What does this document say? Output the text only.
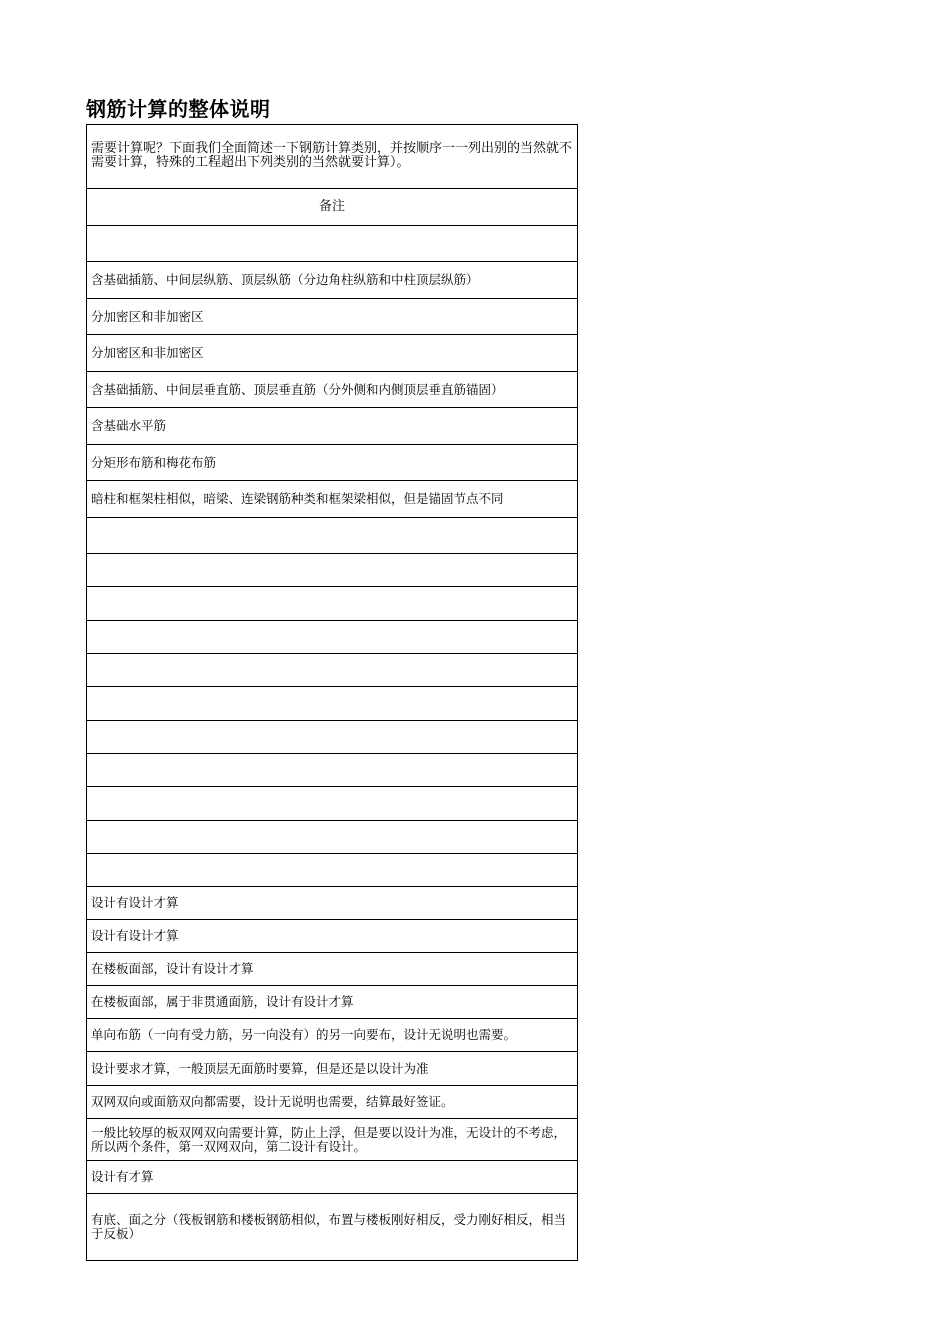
钢筋计算的整体说明
需要计算呢？下面我们全面简述一下钢筋计算类别，并按顺序一一列出别的当然就不需要计算，特殊的工程超出下列类别的当然就要计算）。
备注
含基础插筋、中间层纵筋、顶层纵筋（分边角柱纵筋和中柱顶层纵筋）
分加密区和非加密区
分加密区和非加密区
含基础插筋、中间层垂直筋、顶层垂直筋（分外侧和内侧顶层垂直筋锚固）
含基础水平筋
分矩形布筋和梅花布筋
暗柱和框架柱相似，暗梁、连梁钢筋种类和框架梁相似，但是锚固节点不同
设计有设计才算
设计有设计才算
在楼板面部，设计有设计才算
在楼板面部，属于非贯通面筋，设计有设计才算
单向布筋（一向有受力筋，另一向没有）的另一向要布，设计无说明也需要。
设计要求才算，一般顶层无面筋时要算，但是还是以设计为准
双网双向或面筋双向都需要，设计无说明也需要，结算最好签证。
一般比较厚的板双网双向需要计算，防止上浮，但是要以设计为准，无设计的不考虑，所以两个条件，第一双网双向，第二设计有设计。
设计有才算
有底、面之分（筏板钢筋和楼板钢筋相似，布置与楼板刚好相反，受力刚好相反，相当于反板）
